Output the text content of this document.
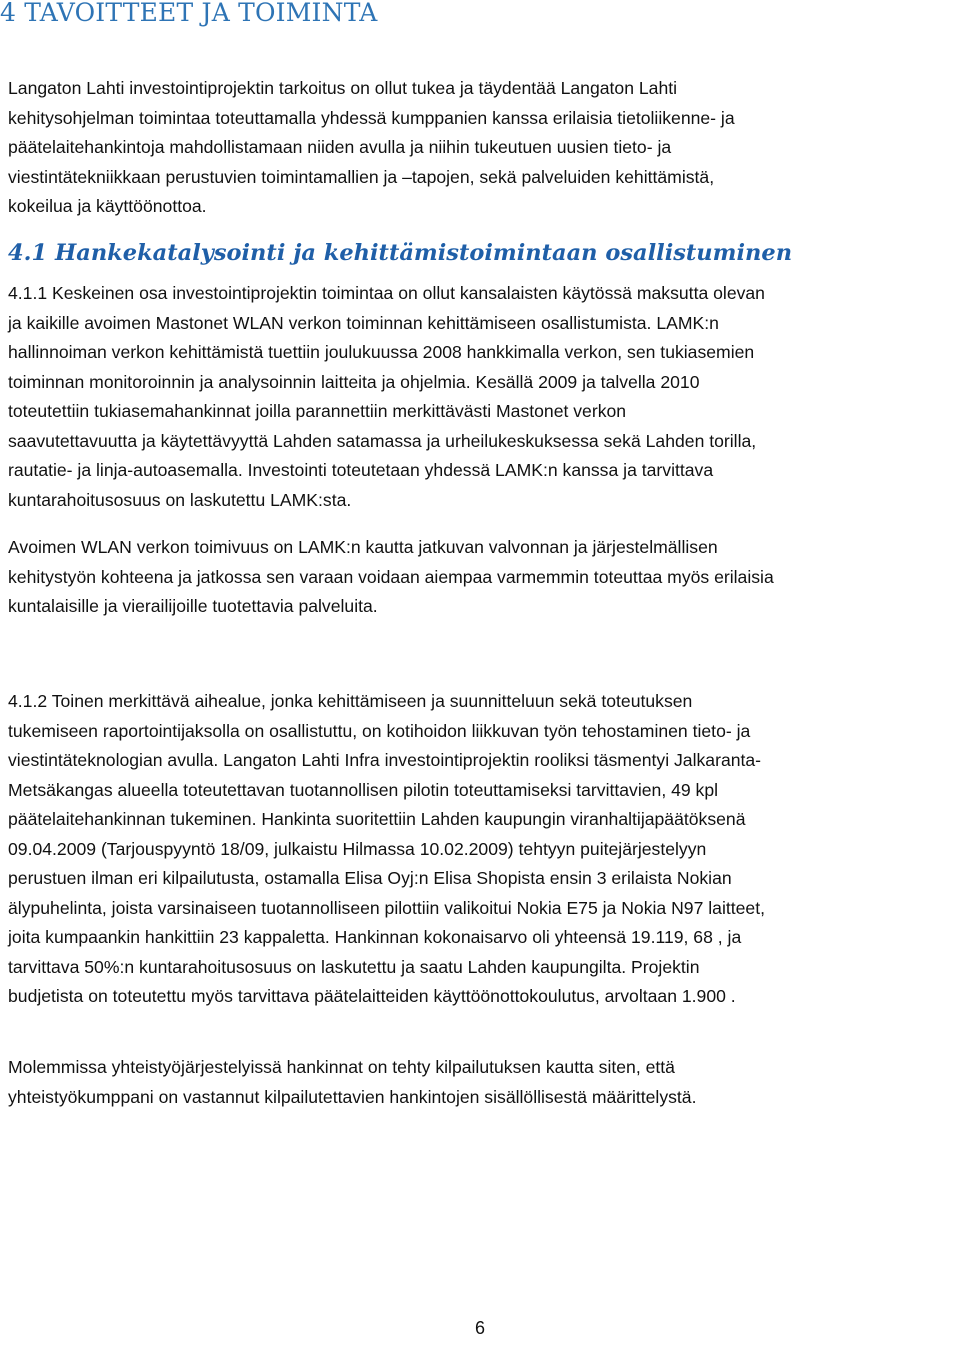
4 TAVOITTEET JA TOIMINTA

Langaton Lahti investointiprojektin tarkoitus on ollut tukea ja täydentää Langaton Lahti
kehitysohjelman toimintaa toteuttamalla yhdessä kumppanien kanssa erilaisia tietoliikenne- ja
päätelaitehankintoja mahdollistamaan niiden avulla ja niihin tukeutuen uusien tieto- ja
viestintätekniikkaan perustuvien toimintamallien ja –tapojen, sekä palveluiden kehittämistä,
kokeilua ja käyttöönottoa.

4.1 Hankekatalysointi ja kehittämistoimintaan osallistuminen

4.1.1 Keskeinen osa investointiprojektin toimintaa on ollut kansalaisten käytössä maksutta olevan
ja kaikille avoimen Mastonet WLAN verkon toiminnan kehittämiseen osallistumista. LAMK:n
hallinnoiman verkon kehittämistä tuettiin joulukuussa 2008 hankkimalla verkon, sen tukiasemien
toiminnan monitoroinnin ja analysoinnin laitteita ja ohjelmia. Kesällä 2009 ja talvella 2010
toteutettiin tukiasemahankinnat joilla parannettiin merkittävästi Mastonet verkon
saavutettavuutta ja käytettävyyttä Lahden satamassa ja urheilukeskuksessa sekä Lahden torilla,
rautatie- ja linja-autoasemalla. Investointi toteutetaan yhdessä LAMK:n kanssa ja tarvittava
kuntarahoitusosuus on laskutettu LAMK:sta.

Avoimen WLAN verkon toimivuus on LAMK:n kautta jatkuvan valvonnan ja järjestelmällisen
kehitystyön kohteena ja jatkossa sen varaan voidaan aiempaa varmemmin toteuttaa myös erilaisia
kuntalaisille ja vierailijoille tuotettavia palveluita.

4.1.2 Toinen merkittävä aihealue, jonka kehittämiseen ja suunnitteluun sekä toteutuksen
tukemiseen raportointijaksolla on osallistuttu, on kotihoidon liikkuvan työn tehostaminen tieto- ja
viestintäteknologian avulla. Langaton Lahti Infra investointiprojektin rooliksi täsmentyi Jalkaranta-
Metsäkangas alueella toteutettavan tuotannollisen pilotin toteuttamiseksi tarvittavien, 49 kpl
päätelaitehankinnan tukeminen. Hankinta suoritettiin Lahden kaupungin viranhaltijapäätöksenä
09.04.2009 (Tarjouspyyntö 18/09, julkaistu Hilmassa 10.02.2009) tehtyyn puitejärjestelyyn
perustuen ilman eri kilpailutusta, ostamalla Elisa Oyj:n Elisa Shopista ensin 3 erilaista Nokian
älypuhelinta, joista varsinaiseen tuotannolliseen pilottiin valikoitui Nokia E75 ja Nokia N97 laitteet,
joita kumpaankin hankittiin 23 kappaletta. Hankinnan kokonaisarvo oli yhteensä 19.119, 68 , ja
tarvittava 50%:n kuntarahoitusosuus on laskutettu ja saatu Lahden kaupungilta. Projektin
budjetista on toteutettu myös tarvittava päätelaitteiden käyttöönottokoulutus, arvoltaan 1.900 .

Molemmissa yhteistyöjärjestelyissä hankinnat on tehty kilpailutuksen kautta siten, että
yhteistyökumppani on vastannut kilpailutettavien hankintojen sisällöllisestä määrittelystä.

6
